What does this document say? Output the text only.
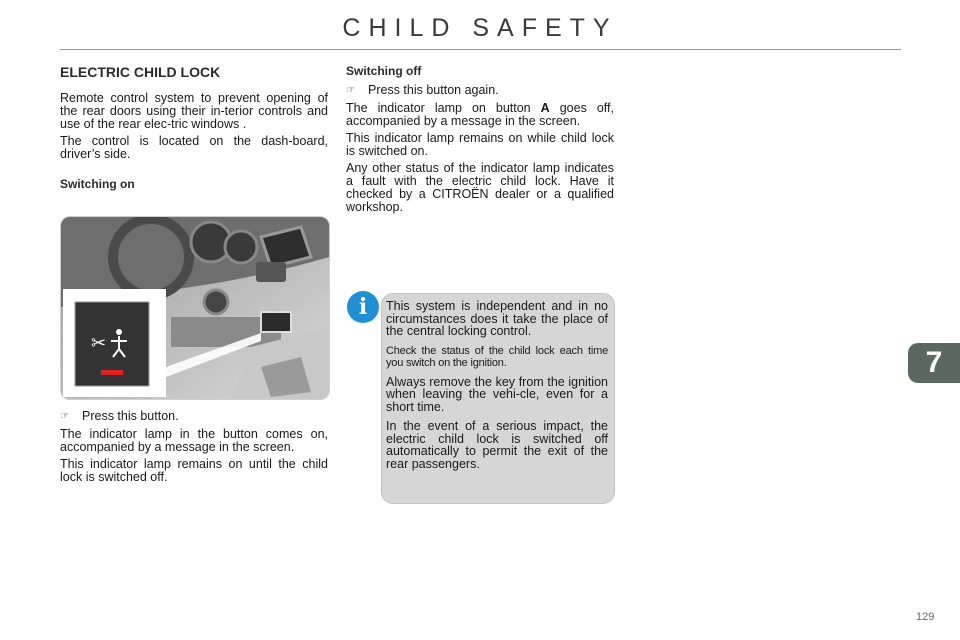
CHILD SAFETY
ELECTRIC CHILD LOCK

Remote control system to prevent opening of the rear doors using their in-terior controls and use of the rear elec-tric windows .

The control is located on the dash-board, driver’s side.

Switching on
✂

☞	Press this button.

The indicator lamp in the button comes on, accompanied by a message in the screen.

This indicator lamp remains on until the child lock is switched off.

Switching off

☞	Press this button again.

The indicator lamp on button A goes off, accompanied by a message in the screen.

This indicator lamp remains on while child lock is switched on.

Any other status of the indicator lamp indicates a fault with the electric child lock. Have it checked by a CITROËN dealer or a qualified workshop.

i	This system is independent and in no circumstances does it take the place of the central locking control.

Check the status of the child lock each time you switch on the ignition.

Always remove the key from the ignition when leaving the vehi-cle, even for a short time.

In the event of a serious impact, the electric child lock is switched off automatically to permit the exit of the rear passengers.

7
129
